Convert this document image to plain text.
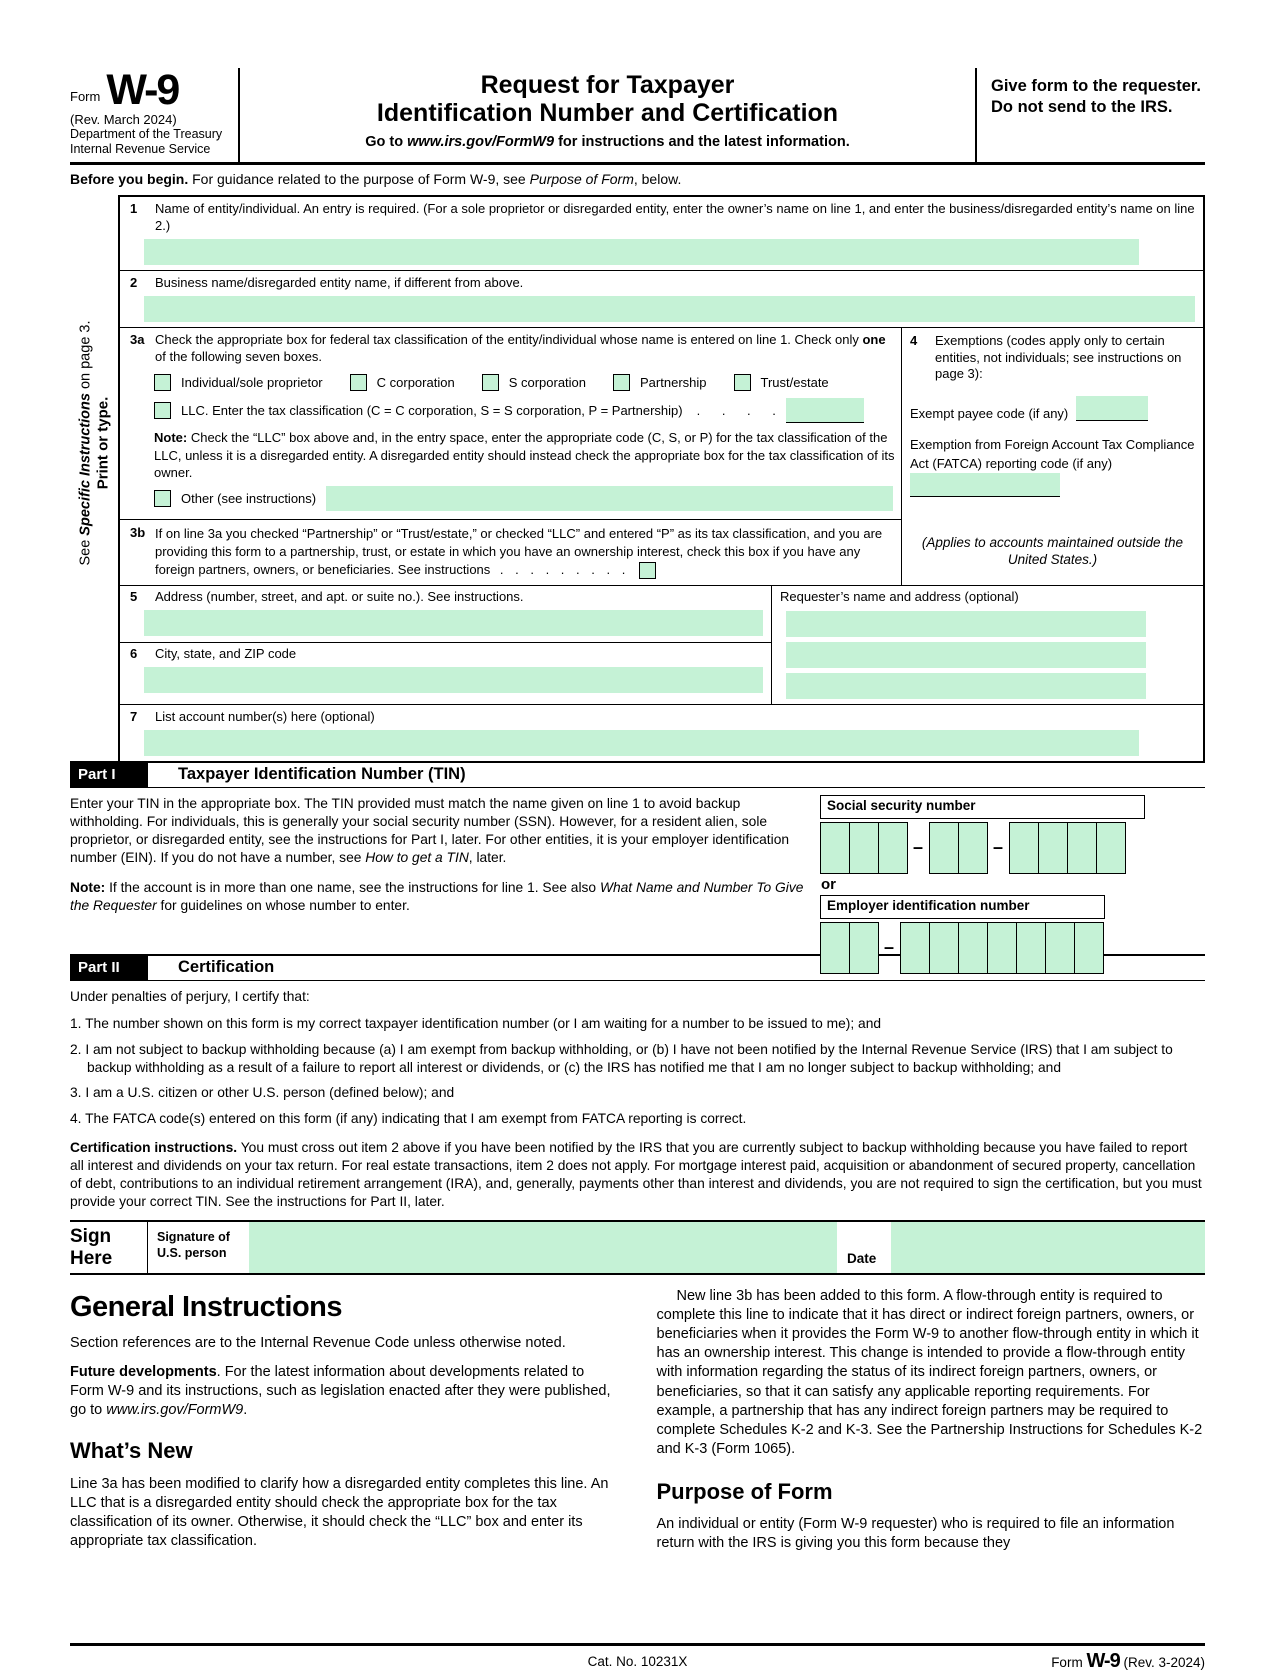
Form W-9
(Rev. March 2024)
Department of the Treasury
Internal Revenue Service
Request for Taxpayer
Identification Number and Certification
Go to www.irs.gov/FormW9 for instructions and the latest information.
Give form to the requester. Do not send to the IRS.
Before you begin. For guidance related to the purpose of Form W-9, see Purpose of Form, below.
See Specific Instructions on page 3.
Print or type.
1	Name of entity/individual. An entry is required. (For a sole proprietor or disregarded entity, enter the owner’s name on line 1, and enter the business/disregarded entity’s name on line 2.)
2	Business name/disregarded entity name, if different from above.
3a Check the appropriate box for federal tax classification of the entity/individual whose name is entered on line 1. Check only one of the following seven boxes.
Individual/sole proprietor	C corporation	S corporation	Partnership	Trust/estate
LLC. Enter the tax classification (C = C corporation, S = S corporation, P = Partnership) . . . .
Note: Check the “LLC” box above and, in the entry space, enter the appropriate code (C, S, or P) for the tax classification of the LLC, unless it is a disregarded entity. A disregarded entity should instead check the appropriate box for the tax classification of its owner.
Other (see instructions)
3b If on line 3a you checked “Partnership” or “Trust/estate,” or checked “LLC” and entered “P” as its tax classification, and you are providing this form to a partnership, trust, or estate in which you have an ownership interest, check this box if you have any foreign partners, owners, or beneficiaries. See instructions . . . . . . . . .
4	Exemptions (codes apply only to certain entities, not individuals; see instructions on page 3):
Exempt payee code (if any)
Exemption from Foreign Account Tax Compliance Act (FATCA) reporting code (if any)
(Applies to accounts maintained outside the United States.)
5	Address (number, street, and apt. or suite no.). See instructions.
6	City, state, and ZIP code
Requester’s name and address (optional)
7	List account number(s) here (optional)
Part I	Taxpayer Identification Number (TIN)
Enter your TIN in the appropriate box. The TIN provided must match the name given on line 1 to avoid backup withholding. For individuals, this is generally your social security number (SSN). However, for a resident alien, sole proprietor, or disregarded entity, see the instructions for Part I, later. For other entities, it is your employer identification number (EIN). If you do not have a number, see How to get a TIN, later.
Note: If the account is in more than one name, see the instructions for line 1. See also What Name and Number To Give the Requester for guidelines on whose number to enter.
Social security number
–	–
or
Employer identification number
–
Part II	Certification
Under penalties of perjury, I certify that:
1. The number shown on this form is my correct taxpayer identification number (or I am waiting for a number to be issued to me); and
2. I am not subject to backup withholding because (a) I am exempt from backup withholding, or (b) I have not been notified by the Internal Revenue Service (IRS) that I am subject to backup withholding as a result of a failure to report all interest or dividends, or (c) the IRS has notified me that I am no longer subject to backup withholding; and
3. I am a U.S. citizen or other U.S. person (defined below); and
4. The FATCA code(s) entered on this form (if any) indicating that I am exempt from FATCA reporting is correct.
Certification instructions. You must cross out item 2 above if you have been notified by the IRS that you are currently subject to backup withholding because you have failed to report all interest and dividends on your tax return. For real estate transactions, item 2 does not apply. For mortgage interest paid, acquisition or abandonment of secured property, cancellation of debt, contributions to an individual retirement arrangement (IRA), and, generally, payments other than interest and dividends, you are not required to sign the certification, but you must provide your correct TIN. See the instructions for Part II, later.
Sign
Here
Signature of
U.S. person	Date
General Instructions

Section references are to the Internal Revenue Code unless otherwise noted.

Future developments. For the latest information about developments related to Form W-9 and its instructions, such as legislation enacted after they were published, go to www.irs.gov/FormW9.

What’s New

Line 3a has been modified to clarify how a disregarded entity completes this line. An LLC that is a disregarded entity should check the appropriate box for the tax classification of its owner. Otherwise, it should check the “LLC” box and enter its appropriate tax classification.

New line 3b has been added to this form. A flow-through entity is required to complete this line to indicate that it has direct or indirect foreign partners, owners, or beneficiaries when it provides the Form W-9 to another flow-through entity in which it has an ownership interest. This change is intended to provide a flow-through entity with information regarding the status of its indirect foreign partners, owners, or beneficiaries, so that it can satisfy any applicable reporting requirements. For example, a partnership that has any indirect foreign partners may be required to complete Schedules K-2 and K-3. See the Partnership Instructions for Schedules K-2 and K-3 (Form 1065).

Purpose of Form

An individual or entity (Form W-9 requester) who is required to file an information return with the IRS is giving you this form because they

Cat. No. 10231X	Form W-9 (Rev. 3-2024)
